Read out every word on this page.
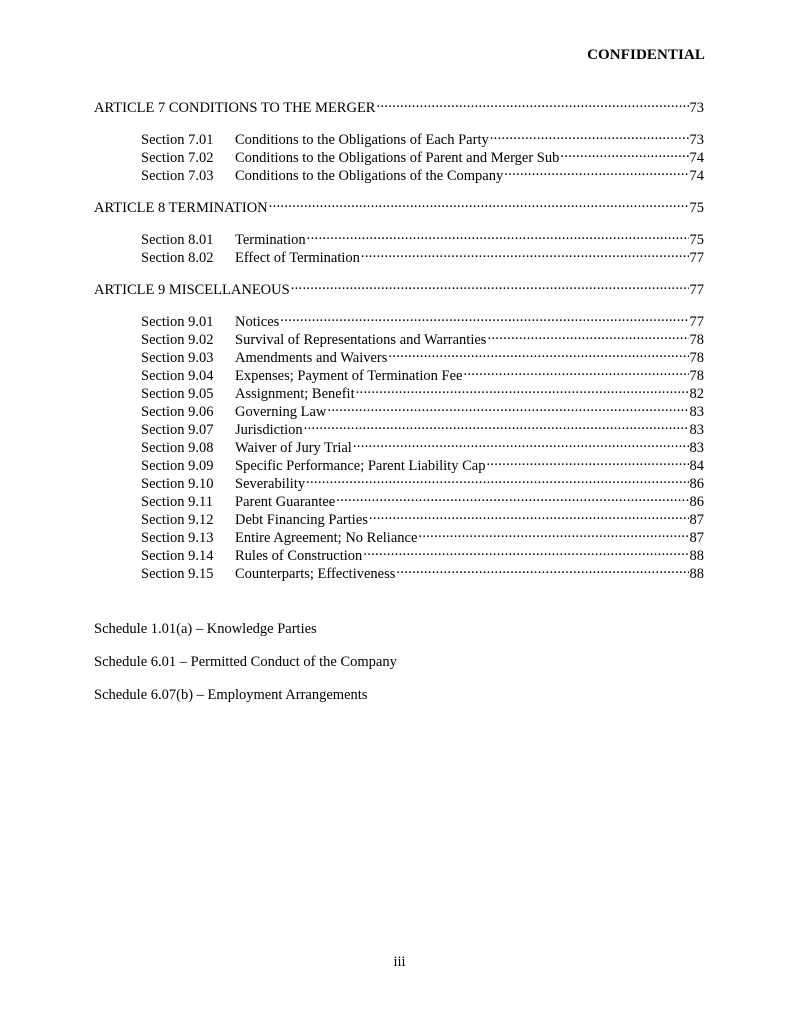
CONFIDENTIAL
ARTICLE 7 CONDITIONS TO THE MERGER .....	73
Section 7.01	Conditions to the Obligations of Each Party .....	73
Section 7.02	Conditions to the Obligations of Parent and Merger Sub .....	74
Section 7.03	Conditions to the Obligations of the Company .....	74
ARTICLE 8 TERMINATION .....	75
Section 8.01	Termination .....	75
Section 8.02	Effect of Termination .....	77
ARTICLE 9 MISCELLANEOUS .....	77
Section 9.01	Notices .....	77
Section 9.02	Survival of Representations and Warranties .....	78
Section 9.03	Amendments and Waivers .....	78
Section 9.04	Expenses; Payment of Termination Fee .....	78
Section 9.05	Assignment; Benefit .....	82
Section 9.06	Governing Law .....	83
Section 9.07	Jurisdiction .....	83
Section 9.08	Waiver of Jury Trial .....	83
Section 9.09	Specific Performance; Parent Liability Cap .....	84
Section 9.10	Severability .....	86
Section 9.11	Parent Guarantee .....	86
Section 9.12	Debt Financing Parties .....	87
Section 9.13	Entire Agreement; No Reliance .....	87
Section 9.14	Rules of Construction .....	88
Section 9.15	Counterparts; Effectiveness .....	88
Schedule 1.01(a) – Knowledge Parties
Schedule 6.01 – Permitted Conduct of the Company
Schedule 6.07(b) – Employment Arrangements
iii
